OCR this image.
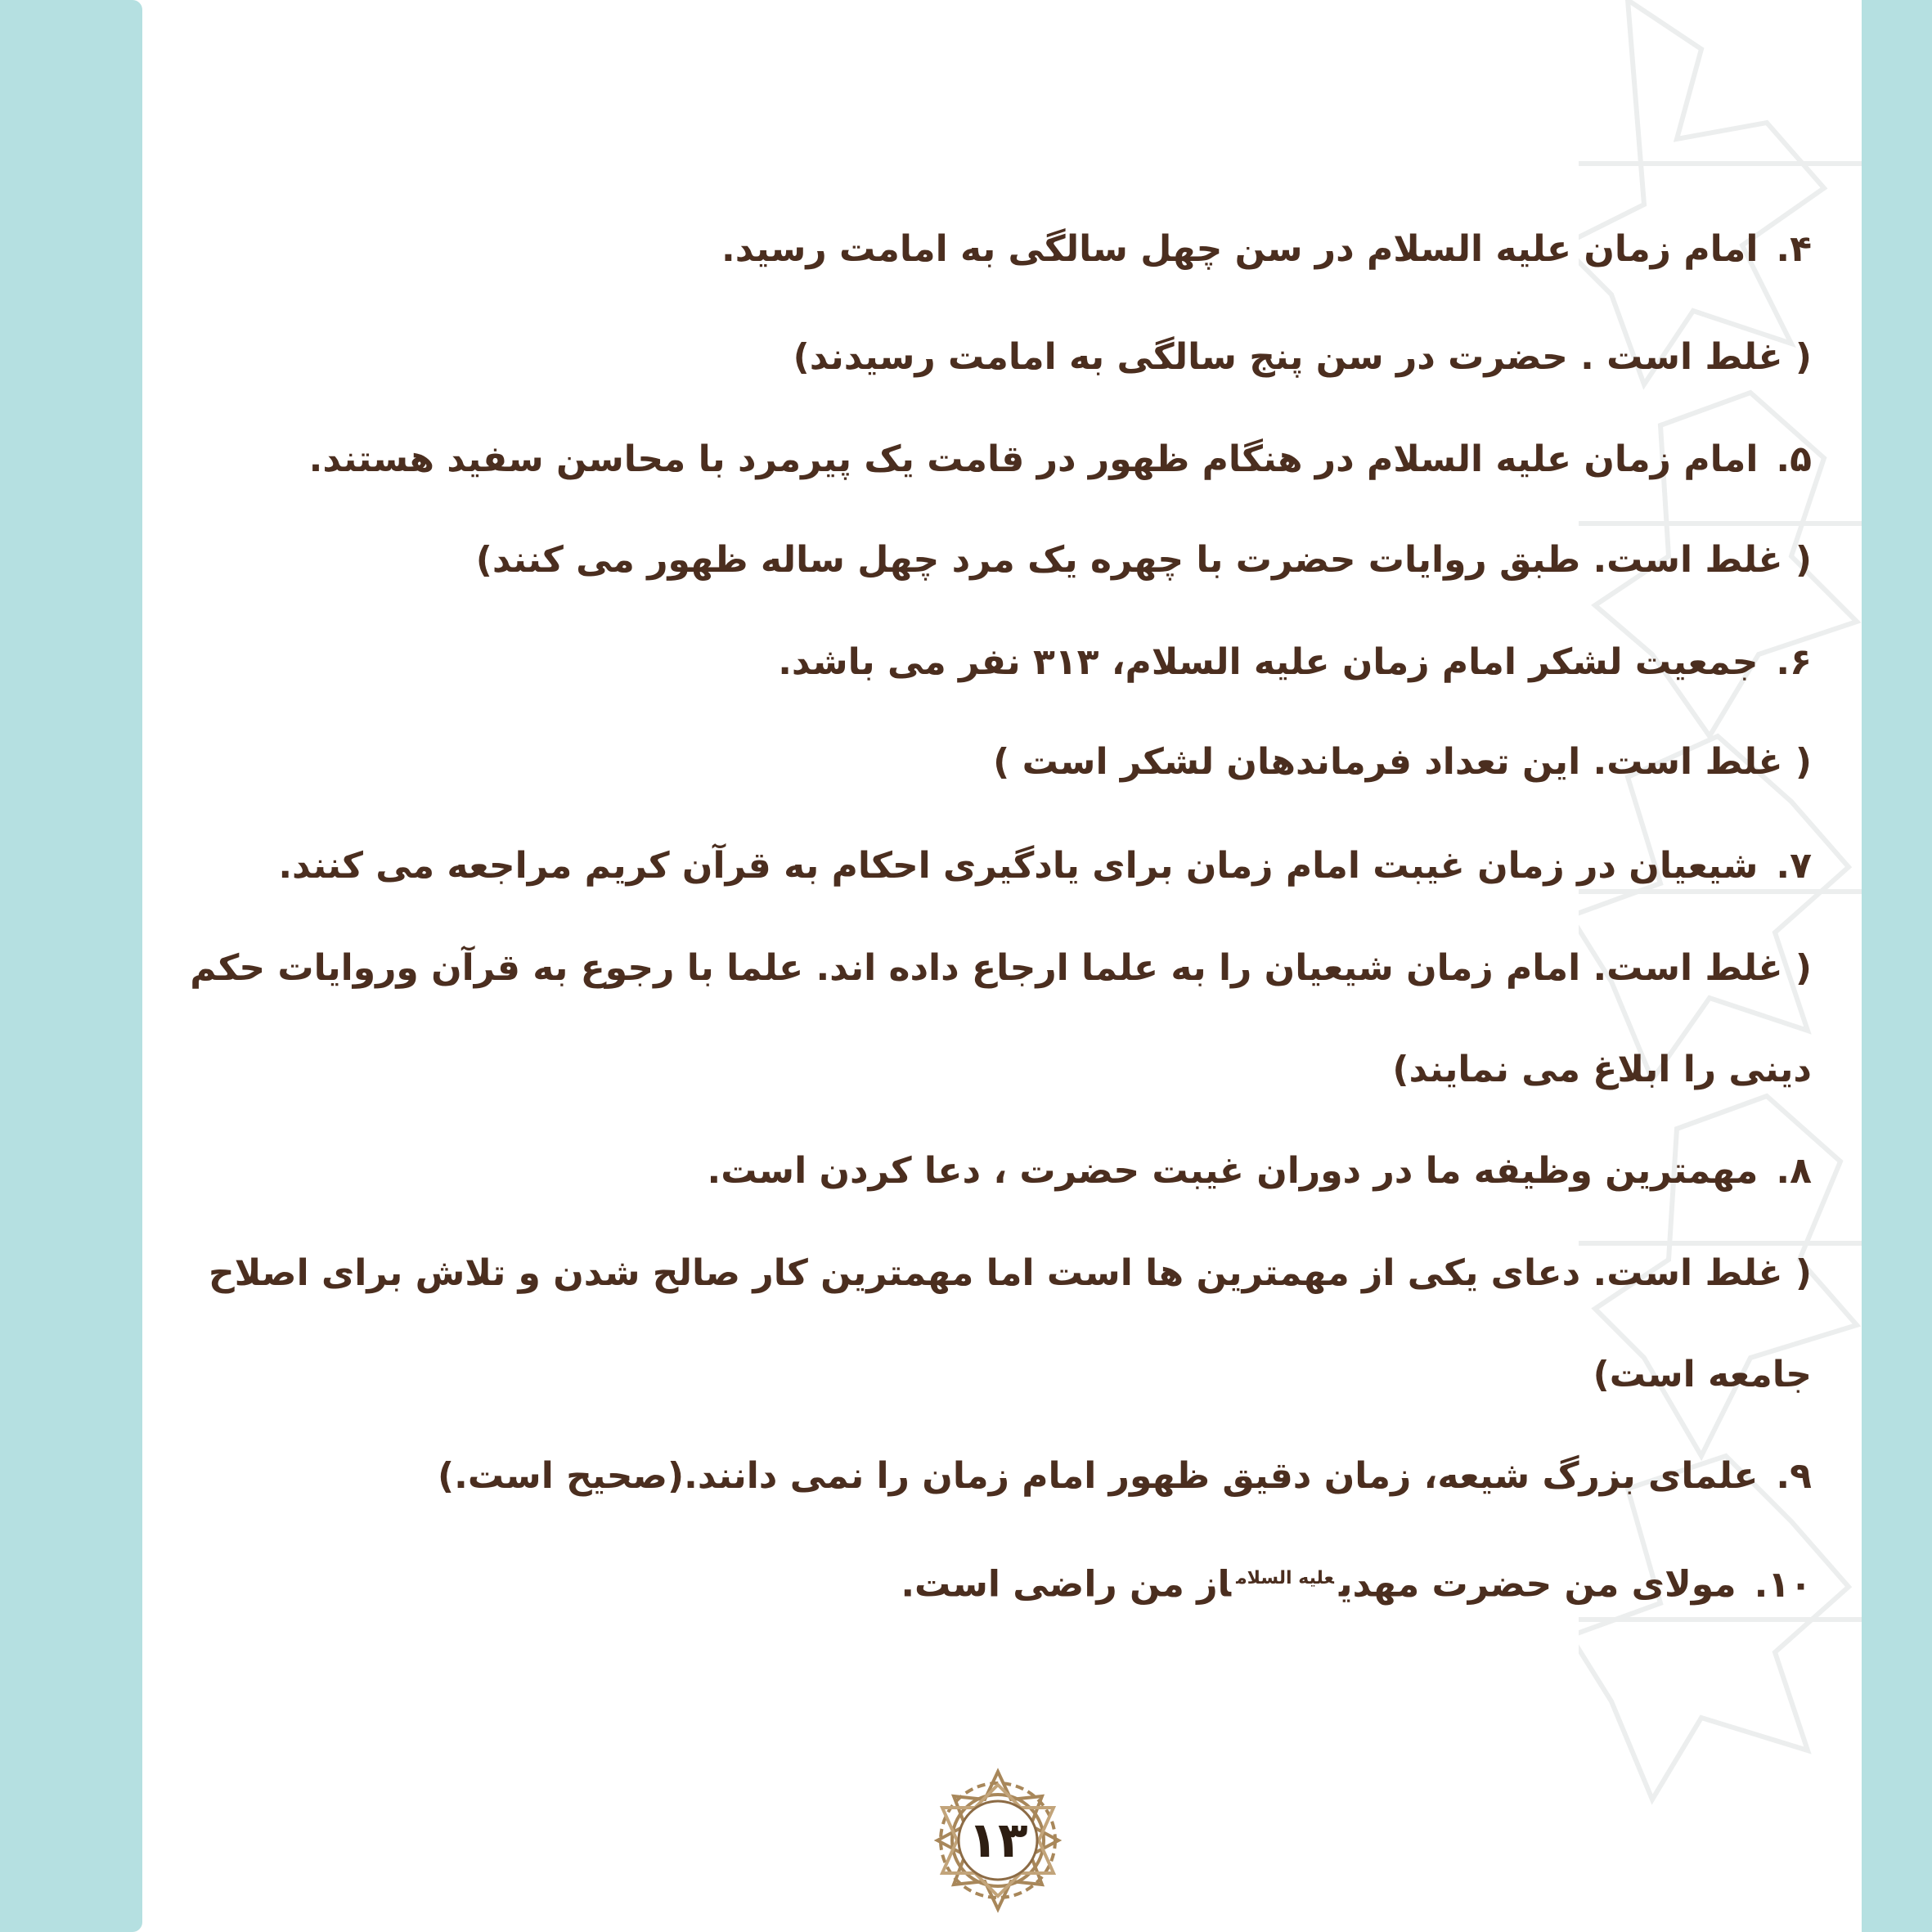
۴.امام زمان علیه السلام در سن چهل سالگی به امامت رسید.

( غلط است . حضرت در سن پنج سالگی به امامت رسیدند)

۵.امام زمان علیه السلام در هنگام ظهور در قامت یک پیرمرد با محاسن سفید هستند.

( غلط است. طبق روایات حضرت با چهره یک مرد چهل ساله ظهور می کنند)

۶.جمعیت لشکر امام زمان علیه السلام، ۳۱۳ نفر می باشد.

( غلط است. این تعداد فرماندهان لشکر است )

۷.شیعیان در زمان غیبت امام زمان برای یادگیری احکام به قرآن کریم مراجعه می کنند.

( غلط است. امام زمان شیعیان را به علما ارجاع داده اند. علما با رجوع به قرآن وروایات حکم

دینی را ابلاغ می نمایند)

۸.مهمترین وظیفه ما در دوران غیبت حضرت ، دعا کردن است.

( غلط است. دعای یکی از مهمترین ها است اما مهمترین کار صالح شدن و تلاش برای اصلاح

جامعه است)

۹.علمای بزرگ شیعه، زمان دقیق ظهور امام زمان را نمی دانند.(صحیح است.)

۱۰.مولای من حضرت مهدی$^{علیه السلام}$از من راضی است.

۱۳
